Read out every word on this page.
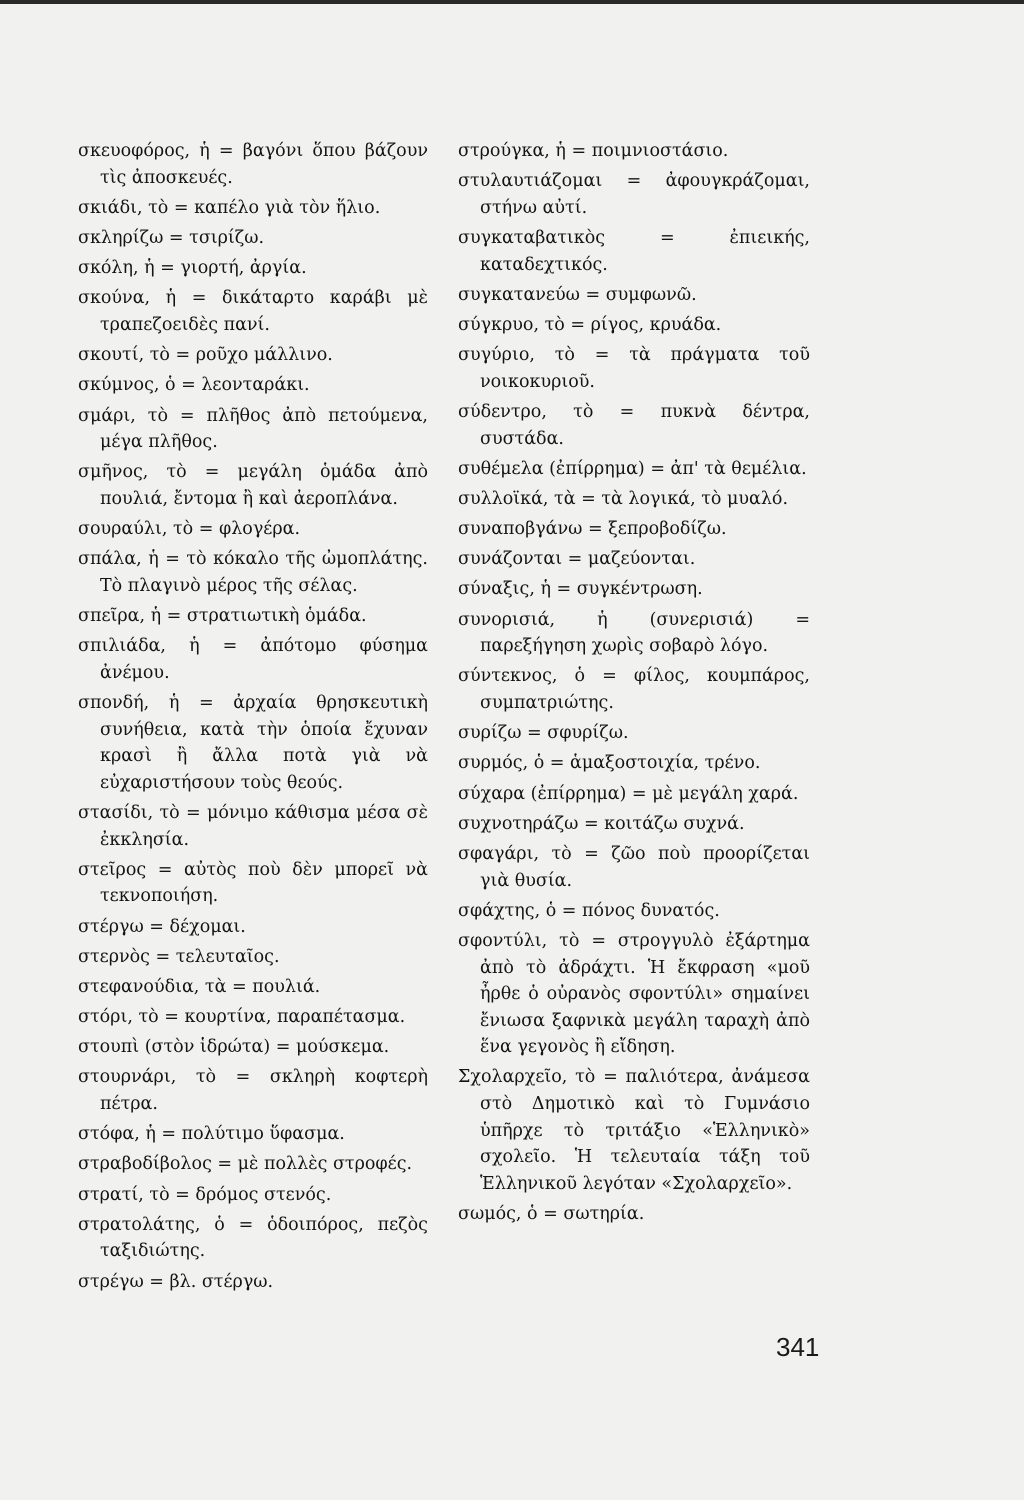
σκευοφόρος, ἡ = βαγόνι ὅπου βάζουν τὶς ἀποσκευές.

σκιάδι, τὸ = καπέλο γιὰ τὸν ἥλιο.

σκληρίζω = τσιρίζω.

σκόλη, ἡ = γιορτή, ἀργία.

σκούνα, ἡ = δικάταρτο καράβι μὲ τραπεζοειδὲς πανί.

σκουτί, τὸ = ροῦχο μάλλινο.

σκύμνος, ὁ = λεονταράκι.

σμάρι, τὸ = πλῆθος ἀπὸ πετούμενα, μέγα πλῆθος.

σμῆνος, τὸ = μεγάλη ὁμάδα ἀπὸ πουλιά, ἔντομα ἢ καὶ ἀεροπλάνα.

σουραύλι, τὸ = φλογέρα.

σπάλα, ἡ = τὸ κόκαλο τῆς ὠμοπλάτης. Τὸ πλαγινὸ μέρος τῆς σέλας.

σπεῖρα, ἡ = στρατιωτικὴ ὁμάδα.

σπιλιάδα, ἡ = ἀπότομο φύσημα ἀνέμου.

σπονδή, ἡ = ἀρχαία θρησκευτικὴ συνήθεια, κατὰ τὴν ὁποία ἔχυναν κρασὶ ἢ ἄλλα ποτὰ γιὰ νὰ εὐχαριστήσουν τοὺς θεούς.

στασίδι, τὸ = μόνιμο κάθισμα μέσα σὲ ἐκκλησία.

στεῖρος = αὐτὸς ποὺ δὲν μπορεῖ νὰ τεκνοποιήση.

στέργω = δέχομαι.

στερνὸς = τελευταῖος.

στεφανούδια, τὰ = πουλιά.

στόρι, τὸ = κουρτίνα, παραπέτασμα.

στουπὶ (στὸν ἱδρώτα) = μούσκεμα.

στουρνάρι, τὸ = σκληρὴ κοφτερὴ πέτρα.

στόφα, ἡ = πολύτιμο ὕφασμα.

στραβοδίβολος = μὲ πολλὲς στροφές.

στρατί, τὸ = δρόμος στενός.

στρατολάτης, ὁ = ὁδοιπόρος, πεζὸς ταξιδιώτης.

στρέγω = βλ. στέργω.

στρούγκα, ἡ = ποιμνιοστάσιο.

στυλαυτιάζομαι = ἀφουγκράζομαι, στήνω αὐτί.

συγκαταβατικὸς = ἐπιεικής, καταδεχτικός.

συγκατανεύω = συμφωνῶ.

σύγκρυο, τὸ = ρίγος, κρυάδα.

συγύριο, τὸ = τὰ πράγματα τοῦ νοικοκυριοῦ.

σύδεντρο, τὸ = πυκνὰ δέντρα, συστάδα.

συθέμελα (ἐπίρρημα) = ἀπ' τὰ θεμέλια.

συλλοϊκά, τὰ = τὰ λογικά, τὸ μυαλό.

συναποβγάνω = ξεπροβοδίζω.

συνάζονται = μαζεύονται.

σύναξις, ἡ = συγκέντρωση.

συνορισιά, ἡ (συνερισιά) = παρεξήγηση χωρὶς σοβαρὸ λόγο.

σύντεκνος, ὁ = φίλος, κουμπάρος, συμπατριώτης.

συρίζω = σφυρίζω.

συρμός, ὁ = ἁμαξοστοιχία, τρένο.

σύχαρα (ἐπίρρημα) = μὲ μεγάλη χαρά.

συχνοτηράζω = κοιτάζω συχνά.

σφαγάρι, τὸ = ζῶο ποὺ προορίζεται γιὰ θυσία.

σφάχτης, ὁ = πόνος δυνατός.

σφοντύλι, τὸ = στρογγυλὸ ἐξάρτημα ἀπὸ τὸ ἀδράχτι. Ἡ ἔκφραση «μοῦ ἦρθε ὁ οὐρανὸς σφοντύλι» σημαίνει ἔνιωσα ξαφνικὰ μεγάλη ταραχὴ ἀπὸ ἕνα γεγονὸς ἢ εἴδηση.

Σχολαρχεῖο, τὸ = παλιότερα, ἀνάμεσα στὸ Δημοτικὸ καὶ τὸ Γυμνάσιο ὑπῆρχε τὸ τριτάξιο «Ἑλληνικὸ» σχολεῖο. Ἡ τελευταία τάξη τοῦ Ἑλληνικοῦ λεγόταν «Σχολαρχεῖο».

σωμός, ὁ = σωτηρία.

341
